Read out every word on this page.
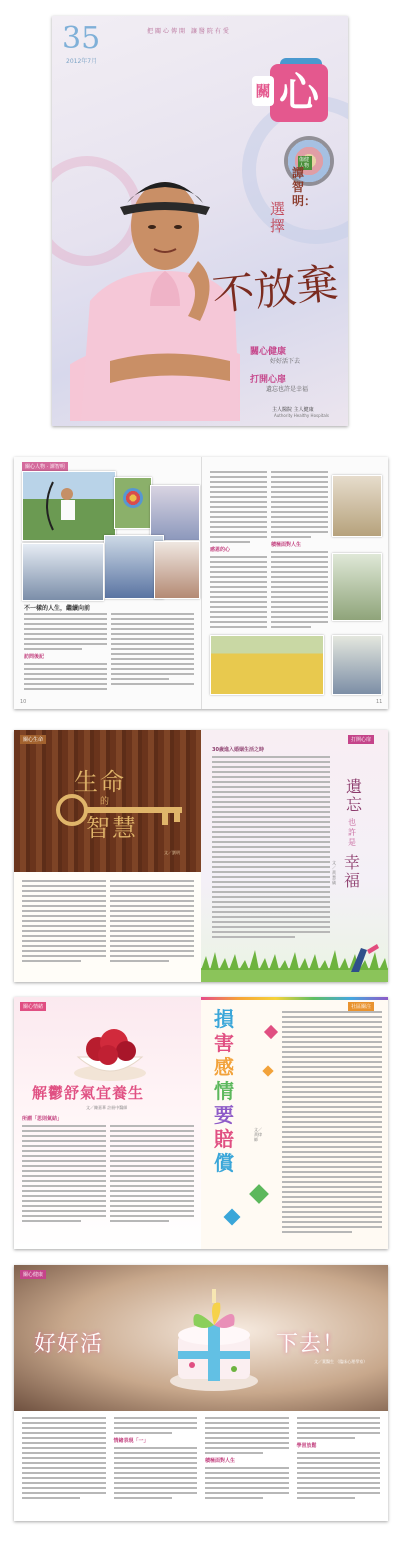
35
2012年7月
把關心傳開 讓醫院有愛
心
關
傷健人物
譚智明：
選擇
不放棄
關心健康
好好活下去
打開心扉
遺忘也許是幸福
主人醫院 主人健康
Authority Healthy Hospitals
關心人物 · 譚智明
不一樣的人生，繼續向前
訪問後記
感恩的心
積極面對人生
10	11
關心生命
生命
的
智慧
文／劉明
打開心扉
30歲進入婚姻生活之時
遺忘
也許是
幸福
文／黃慧儀
關心情緒
解鬱舒氣宜養生
文／陳嘉華 註冊中醫師
所謂「思則氣結」
社區關注
損
害
感
情
要
賠
償
文／黃律師
關心健康
好好活	下去！
文／葉醫生 （臨床心理學家）
情緒表現「一」
積極面對人生
學習放鬆
